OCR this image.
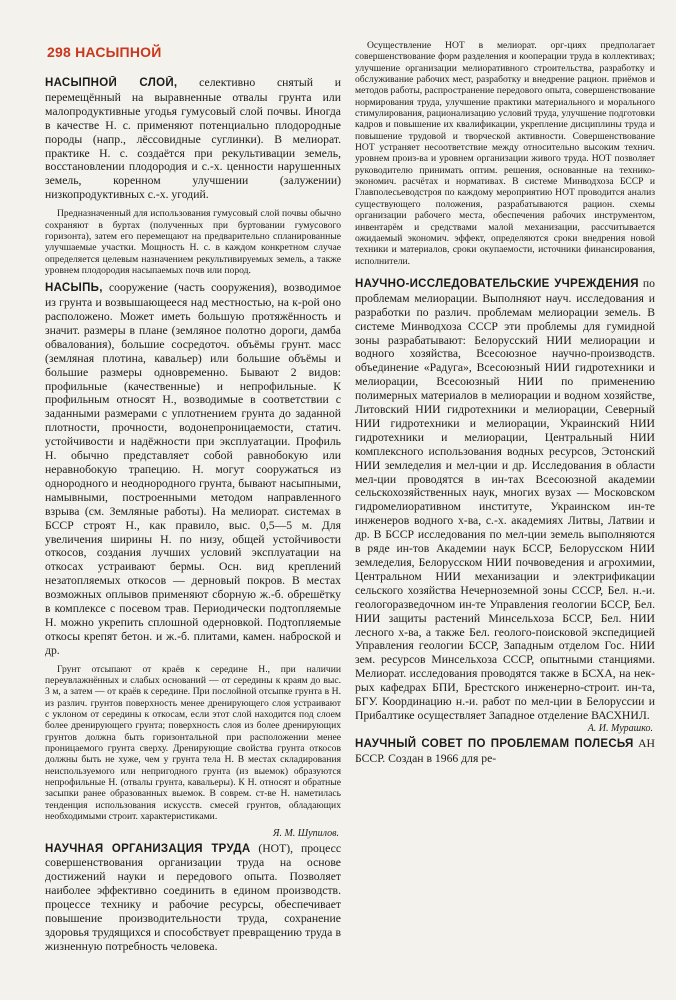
298 НАСЫПНОЙ

НАСЫПНОЙ СЛОЙ, селективно снятый и перемещённый на выравненные отвалы грунта или малопродуктивные угодья гумусовый слой почвы. Иногда в качестве Н. с. применяют потенциально плодородные породы (напр., лёссовидные суглинки). В мелиорат. практике Н. с. создаётся при рекультивации земель, восстановлении плодородия и с.-х. ценности нарушенных земель, коренном улучшении (залужении) низкопродуктивных с.-х. угодий.

Предназначенный для использования гумусовый слой почвы обычно сохраняют в буртах (полученных при буртовании гумусового горизонта), затем его перемещают на предварительно спланированные улучшаемые участки. Мощность Н. с. в каждом конкретном случае определяется целевым назначением рекультивируемых земель, а также уровнем плодородия насыпаемых почв или пород.

НАСЫПЬ, сооружение (часть сооружения), возводимое из грунта и возвышающееся над местностью, на к-рой оно расположено. Может иметь большую протяжённость и значит. размеры в плане (земляное полотно дороги, дамба обвалования), большие сосредоточ. объёмы грунт. масс (земляная плотина, кавальер) или большие объёмы и большие размеры одновременно. Бывают 2 видов: профильные (качественные) и непрофильные. К профильным относят Н., возводимые в соответствии с заданными размерами с уплотнением грунта до заданной плотности, прочности, водонепроницаемости, статич. устойчивости и надёжности при эксплуатации. Профиль Н. обычно представляет собой равнобокую или неравнобокую трапецию. Н. могут сооружаться из однородного и неоднородного грунта, бывают насыпными, намывными, построенными методом направленного взрыва (см. Земляные работы). На мелиорат. системах в БССР строят Н., как правило, выс. 0,5—5 м. Для увеличения ширины Н. по низу, общей устойчивости откосов, создания лучших условий эксплуатации на откосах устраивают бермы. Осн. вид креплений незатопляемых откосов — дерновый покров. В местах возможных оплывов применяют сборную ж.-б. обрешётку в комплексе с посевом трав. Периодически подтопляемые Н. можно укрепить сплошной одерновкой. Подтопляемые откосы крепят бетон. и ж.-б. плитами, камен. наброской и др.

Грунт отсыпают от краёв к середине Н., при наличии переувлажнённых и слабых оснований — от середины к краям до выс. 3 м, а затем — от краёв к середине. При послойной отсыпке грунта в Н. из различ. грунтов поверхность менее дренирующего слоя устраивают с уклоном от середины к откосам, если этот слой находится под слоем более дренирующего грунта; поверхность слоя из более дренирующих грунтов должна быть горизонтальной при расположении менее проницаемого грунта сверху. Дренирующие свойства грунта откосов должны быть не хуже, чем у грунта тела Н. В местах складирования неиспользуемого или непригодного грунта (из выемок) образуются непрофильные Н. (отвалы грунта, кавальеры). К Н. относят и обратные засыпки ранее образованных выемок. В соврем. ст-ве Н. наметилась тенденция использования искусств. смесей грунтов, обладающих необходимыми строит. характеристиками.

Я. М. Шупилов.

НАУЧНАЯ ОРГАНИЗАЦИЯ ТРУДА (НОТ), процесс совершенствования организации труда на основе достижений науки и передового опыта. Позволяет наиболее эффективно соединить в едином производств. процессе технику и рабочие ресурсы, обеспечивает повышение производительности труда, сохранение здоровья трудящихся и способствует превращению труда в жизненную потребность человека.

Осуществление НОТ в мелиорат. орг-циях предполагает совершенствование форм разделения и кооперации труда в коллективах; улучшение организации мелиоративного строительства, разработку и обслуживание рабочих мест, разработку и внедрение рацион. приёмов и методов работы, распространение передового опыта, совершенствование нормирования труда, улучшение практики материального и морального стимулирования, рационализацию условий труда, улучшение подготовки кадров и повышение их квалификации, укрепление дисциплины труда и повышение трудовой и творческой активности. Совершенствование НОТ устраняет несоответствие между относительно высоким технич. уровнем произ-ва и уровнем организации живого труда. НОТ позволяет руководителю принимать оптим. решения, основанные на технико-экономич. расчётах и нормативах. В системе Минводхоза БССР и Главполесьеводстроя по каждому мероприятию НОТ проводится анализ существующего положения, разрабатываются рацион. схемы организации рабочего места, обеспечения рабочих инструментом, инвентарём и средствами малой механизации, рассчитывается ожидаемый экономич. эффект, определяются сроки внедрения новой техники и материалов, сроки окупаемости, источники финансирования, исполнители.

НАУЧНО-ИССЛЕДОВАТЕЛЬСКИЕ УЧРЕЖДЕНИЯ по проблемам мелиорации. Выполняют науч. исследования и разработки по различ. проблемам мелиорации земель. В системе Минводхоза СССР эти проблемы для гумидной зоны разрабатывают: Белорусский НИИ мелиорации и водного хозяйства, Всесоюзное научно-производств. объединение «Радуга», Всесоюзный НИИ гидротехники и мелиорации, Всесоюзный НИИ по применению полимерных материалов в мелиорации и водном хозяйстве, Литовский НИИ гидротехники и мелиорации, Северный НИИ гидротехники и мелиорации, Украинский НИИ гидротехники и мелиорации, Центральный НИИ комплексного использования водных ресурсов, Эстонский НИИ земледелия и мел-ции и др. Исследования в области мел-ции проводятся в ин-тах Всесоюзной академии сельскохозяйственных наук, многих вузах — Московском гидромелиоративном институте, Украинском ин-те инженеров водного х-ва, с.-х. академиях Литвы, Латвии и др. В БССР исследования по мел-ции земель выполняются в ряде ин-тов Академии наук БССР, Белорусском НИИ земледелия, Белорусском НИИ почвоведения и агрохимии, Центральном НИИ механизации и электрификации сельского хозяйства Нечерноземной зоны СССР, Бел. н.-и. геологоразведочном ин-те Управления геологии БССР, Бел. НИИ защиты растений Минсельхоза БССР, Бел. НИИ лесного х-ва, а также Бел. геолого-поисковой экспедицией Управления геологии БССР, Западным отделом Гос. НИИ зем. ресурсов Минсельхоза СССР, опытными станциями. Мелиорат. исследования проводятся также в БСХА, на нек-рых кафедрах БПИ, Брестского инженерно-строит. ин-та, БГУ. Координацию н.-и. работ по мел-ции в Белоруссии и Прибалтике осуществляет Западное отделение ВАСХНИЛ.

А. И. Мурашко.

НАУЧНЫЙ СОВЕТ ПО ПРОБЛЕМАМ ПОЛЕСЬЯ АН БССР. Создан в 1966 для ре-
